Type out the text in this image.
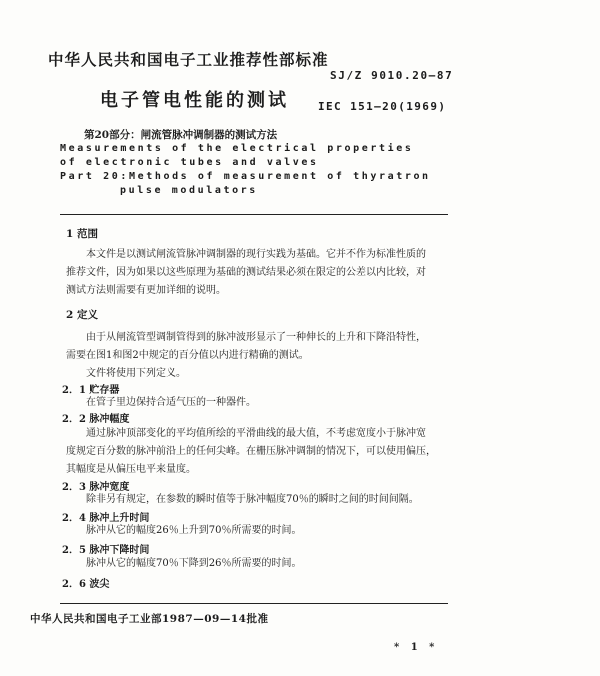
中华人民共和国电子工业推荐性部标准
SJ/Z 9010.20—87
电子管电性能的测试	IEC 151—20(1969)
第20部分：闸流管脉冲调制器的测试方法
Measurements of the electrical properties
of electronic tubes and valves
Part 20:Methods of measurement of thyratron
pulse modulators
1 范围
本文件是以测试闸流管脉冲调制器的现行实践为基础。它并不作为标准性质的
推荐文件，因为如果以这些原理为基础的测试结果必须在限定的公差以内比较，对
测试方法则需要有更加详细的说明。
2 定义
由于从闸流管型调制管得到的脉冲波形显示了一种伸长的上升和下降沿特性，
需要在图1和图2中规定的百分值以内进行精确的测试。
文件将使用下列定义。
2．1 贮存器
在管子里边保持合适气压的一种器件。
2．2 脉冲幅度
通过脉冲顶部变化的平均值所绘的平滑曲线的最大值，不考虑宽度小于脉冲宽
度规定百分数的脉冲前沿上的任何尖峰。在栅压脉冲调制的情况下，可以使用偏压，
其幅度是从偏压电平来量度。
2．3 脉冲宽度
除非另有规定，在参数的瞬时值等于脉冲幅度70％的瞬时之间的时间间隔。
2．4 脉冲上升时间
脉冲从它的幅度26％上升到70％所需要的时间。
2．5 脉冲下降时间
脉冲从它的幅度70％下降到26％所需要的时间。
2．6 波尖
中华人民共和国电子工业部1987—09—14批准
* 1 *
